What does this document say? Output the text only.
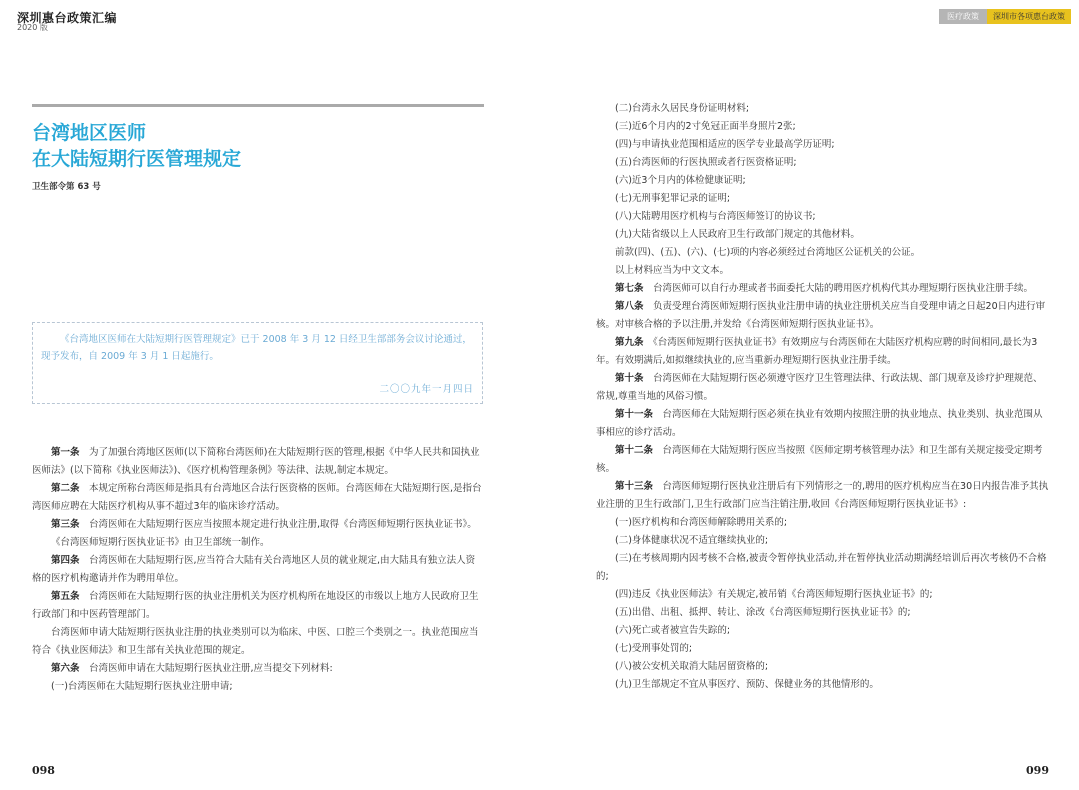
深圳惠台政策汇编
2020 版
医疗政策	深圳市各项惠台政策
台湾地区医师
在大陆短期行医管理规定
卫生部令第 63 号
《台湾地区医师在大陆短期行医管理规定》已于 2008 年 3 月 12 日经卫生部部务会议讨论通过，现予发布，自 2009 年 3 月 1 日起施行。
二〇〇九年一月四日

第一条　 为了加强台湾地区医师(以下简称台湾医师)在大陆短期行医的管理,根据《中华人民共和国执业医师法》(以下简称《执业医师法》)、《医疗机构管理条例》等法律、法规,制定本规定。

第二条　 本规定所称台湾医师是指具有台湾地区合法行医资格的医师。台湾医师在大陆短期行医,是指台湾医师应聘在大陆医疗机构从事不超过3年的临床诊疗活动。

第三条　 台湾医师在大陆短期行医应当按照本规定进行执业注册,取得《台湾医师短期行医执业证书》。

《台湾医师短期行医执业证书》由卫生部统一制作。

第四条　 台湾医师在大陆短期行医,应当符合大陆有关台湾地区人员的就业规定,由大陆具有独立法人资格的医疗机构邀请并作为聘用单位。

第五条　 台湾医师在大陆短期行医的执业注册机关为医疗机构所在地设区的市级以上地方人民政府卫生行政部门和中医药管理部门。

台湾医师申请大陆短期行医执业注册的执业类别可以为临床、中医、口腔三个类别之一。执业范围应当符合《执业医师法》和卫生部有关执业范围的规定。

第六条　 台湾医师申请在大陆短期行医执业注册,应当提交下列材料:

(一)台湾医师在大陆短期行医执业注册申请;

(二)台湾永久居民身份证明材料;

(三)近6个月内的2寸免冠正面半身照片2张;

(四)与申请执业范围相适应的医学专业最高学历证明;

(五)台湾医师的行医执照或者行医资格证明;

(六)近3个月内的体检健康证明;

(七)无刑事犯罪记录的证明;

(八)大陆聘用医疗机构与台湾医师签订的协议书;

(九)大陆省级以上人民政府卫生行政部门规定的其他材料。

前款(四)、(五)、(六)、(七)项的内容必须经过台湾地区公证机关的公证。

以上材料应当为中文文本。

第七条　 台湾医师可以自行办理或者书面委托大陆的聘用医疗机构代其办理短期行医执业注册手续。

第八条　 负责受理台湾医师短期行医执业注册申请的执业注册机关应当自受理申请之日起20日内进行审核。对审核合格的予以注册,并发给《台湾医师短期行医执业证书》。

第九条　 《台湾医师短期行医执业证书》有效期应与台湾医师在大陆医疗机构应聘的时间相同,最长为3年。有效期满后,如拟继续执业的,应当重新办理短期行医执业注册手续。

第十条　 台湾医师在大陆短期行医必须遵守医疗卫生管理法律、行政法规、部门规章及诊疗护理规范、常规,尊重当地的风俗习惯。

第十一条　 台湾医师在大陆短期行医必须在执业有效期内按照注册的执业地点、执业类别、执业范围从事相应的诊疗活动。

第十二条　 台湾医师在大陆短期行医应当按照《医师定期考核管理办法》和卫生部有关规定接受定期考核。

第十三条　 台湾医师短期行医执业注册后有下列情形之一的,聘用的医疗机构应当在30日内报告准予其执业注册的卫生行政部门,卫生行政部门应当注销注册,收回《台湾医师短期行医执业证书》:

(一)医疗机构和台湾医师解除聘用关系的;

(二)身体健康状况不适宜继续执业的;

(三)在考核周期内因考核不合格,被责令暂停执业活动,并在暂停执业活动期满经培训后再次考核仍不合格的;

(四)违反《执业医师法》有关规定,被吊销《台湾医师短期行医执业证书》的;

(五)出借、出租、抵押、转让、涂改《台湾医师短期行医执业证书》的;

(六)死亡或者被宣告失踪的;

(七)受刑事处罚的;

(八)被公安机关取消大陆居留资格的;

(九)卫生部规定不宜从事医疗、预防、保健业务的其他情形的。

098	099
